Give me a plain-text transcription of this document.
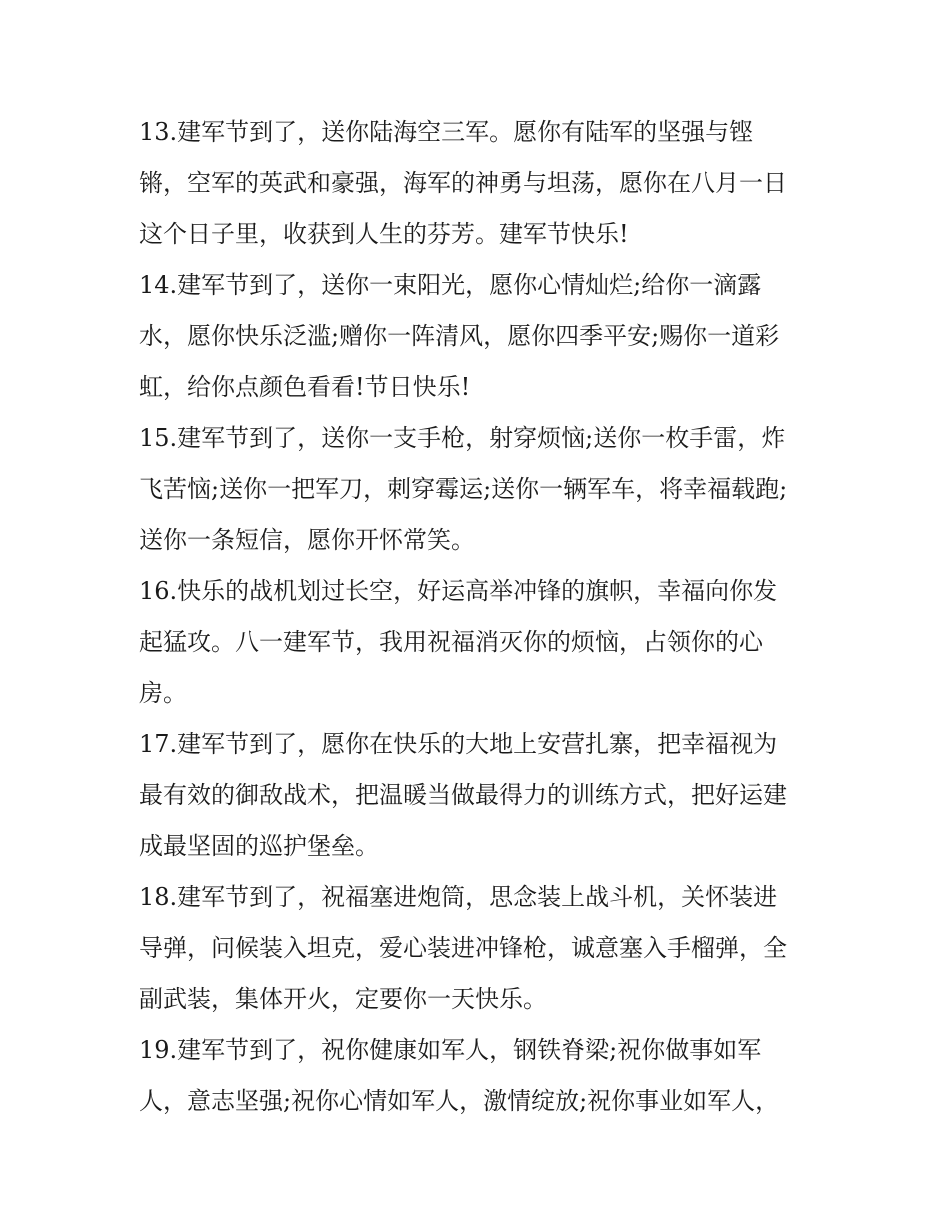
13.建军节到了，送你陆海空三军。愿你有陆军的坚强与铿
锵，空军的英武和豪强，海军的神勇与坦荡，愿你在八月一日
这个日子里，收获到人生的芬芳。建军节快乐!
14.建军节到了，送你一束阳光，愿你心情灿烂;给你一滴露
水，愿你快乐泛滥;赠你一阵清风，愿你四季平安;赐你一道彩
虹，给你点颜色看看!节日快乐!
15.建军节到了，送你一支手枪，射穿烦恼;送你一枚手雷，炸
飞苦恼;送你一把军刀，刺穿霉运;送你一辆军车，将幸福载跑;
送你一条短信，愿你开怀常笑。
16.快乐的战机划过长空，好运高举冲锋的旗帜，幸福向你发
起猛攻。八一建军节，我用祝福消灭你的烦恼，占领你的心
房。
17.建军节到了，愿你在快乐的大地上安营扎寨，把幸福视为
最有效的御敌战术，把温暖当做最得力的训练方式，把好运建
成最坚固的巡护堡垒。
18.建军节到了，祝福塞进炮筒，思念装上战斗机，关怀装进
导弹，问候装入坦克，爱心装进冲锋枪，诚意塞入手榴弹，全
副武装，集体开火，定要你一天快乐。
19.建军节到了，祝你健康如军人，钢铁脊梁;祝你做事如军
人，意志坚强;祝你心情如军人，激情绽放;祝你事业如军人，
